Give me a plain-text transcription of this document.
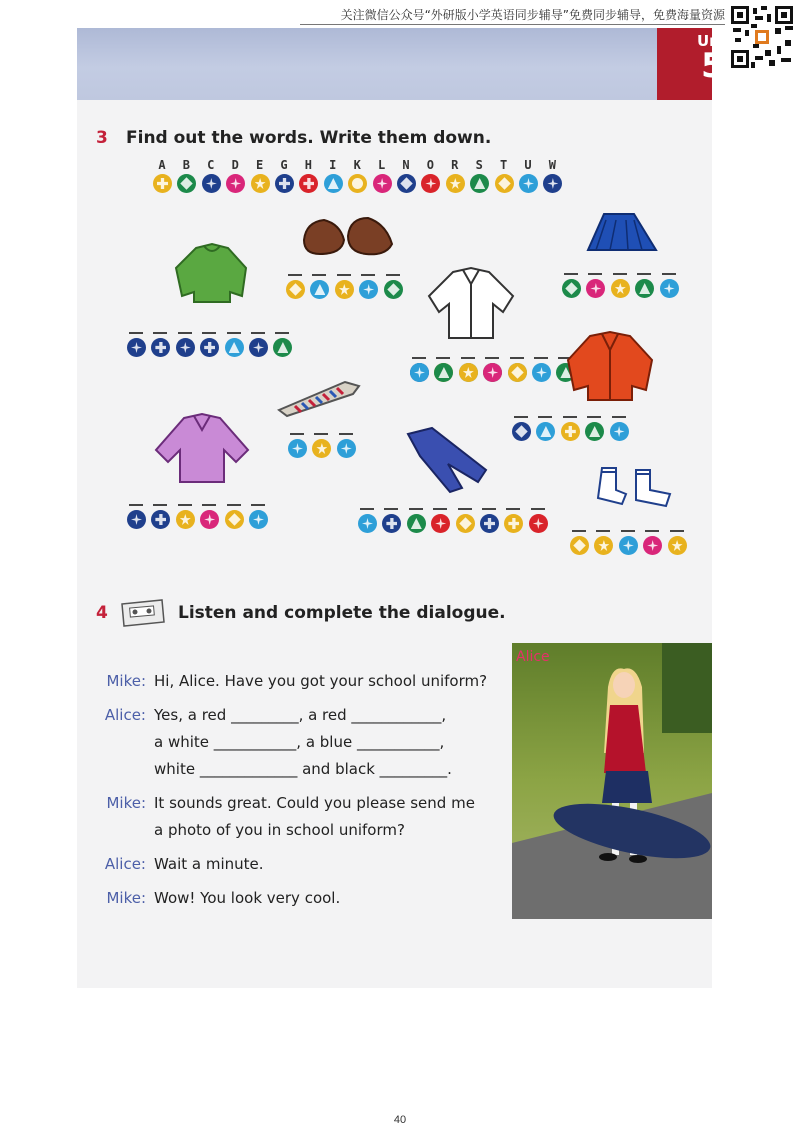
关注微信公众号“外研版小学英语同步辅导”免费同步辅导，免费海量资源
Un
5
3 Find out the words. Write them down.
A	B	C	D	E	G	H	I	K	L	N	O	R	S	T	U	W
4	Listen and complete the dialogue.
Mike: Hi, Alice. Have you got your school uniform?
Alice: Yes, a red _________, a red ____________,
a white ___________, a blue ___________,
white _____________ and black _________.
Mike: It sounds great. Could you please send me
a photo of you in school uniform?
Alice: Wait a minute.
Mike: Wow! You look very cool.
Alice
40
